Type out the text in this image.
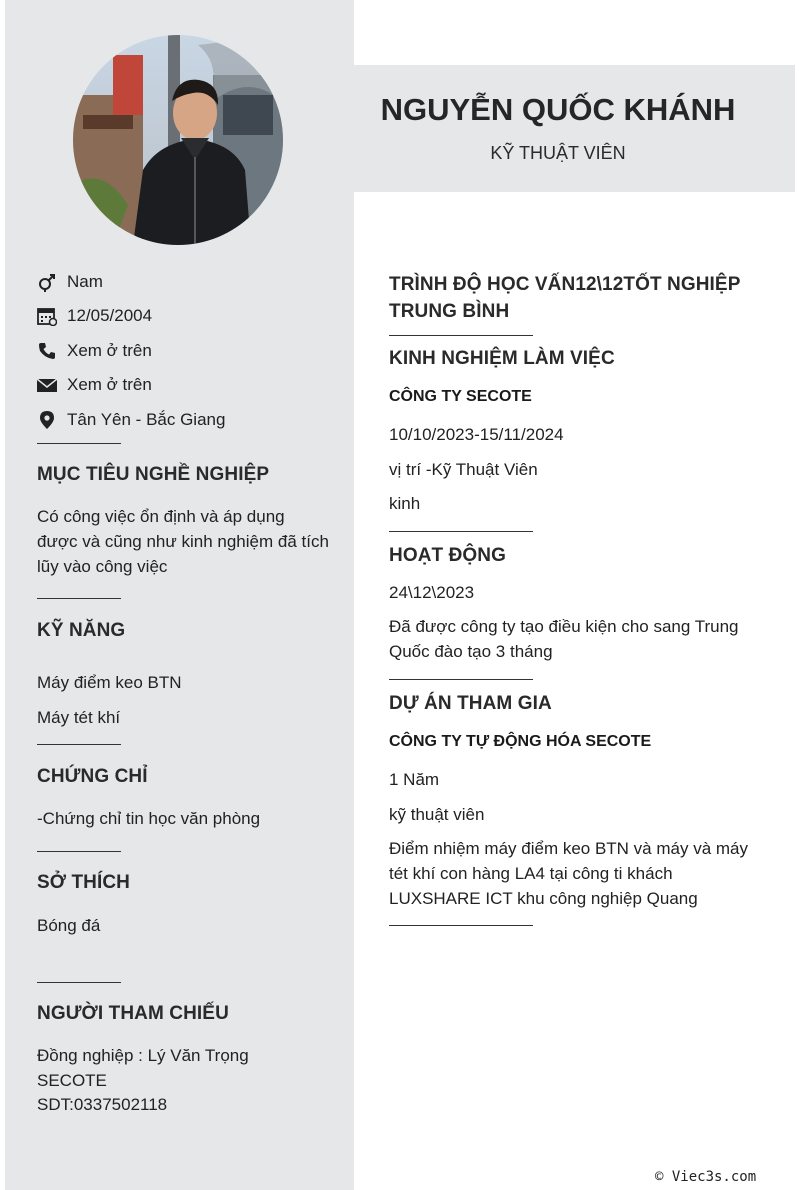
Nam
12/05/2004
Xem ở trên
Xem ở trên
Tân Yên - Bắc Giang
MỤC TIÊU NGHỀ NGHIỆP
Có công việc ổn định và áp dụng
được và cũng như kinh nghiệm đã tích
lũy vào công việc
KỸ NĂNG
Máy điểm keo BTN
Máy tét khí
CHỨNG CHỈ
-Chứng chỉ tin học văn phòng
SỞ THÍCH
Bóng đá
NGƯỜI THAM CHIẾU
Đồng nghiệp : Lý Văn Trọng
SECOTE
SDT:0337502118
NGUYỄN QUỐC KHÁNH
KỸ THUẬT VIÊN
TRÌNH ĐỘ HỌC VẤN12\12TỐT NGHIỆP
TRUNG BÌNH
KINH NGHIỆM LÀM VIỆC
CÔNG TY SECOTE
10/10/2023-15/11/2024
vị trí -Kỹ Thuật Viên
kinh
HOẠT ĐỘNG
24\12\2023
Đã được công ty tạo điều kiện cho sang Trung
Quốc đào tạo 3 tháng
DỰ ÁN THAM GIA
CÔNG TY TỰ ĐỘNG HÓA SECOTE
1 Năm
kỹ thuật viên
Điểm nhiệm máy điểm keo BTN và máy và máy
tét khí con hàng LA4 tại công ti khách
LUXSHARE ICT khu công nghiệp Quang
© Viec3s.com
